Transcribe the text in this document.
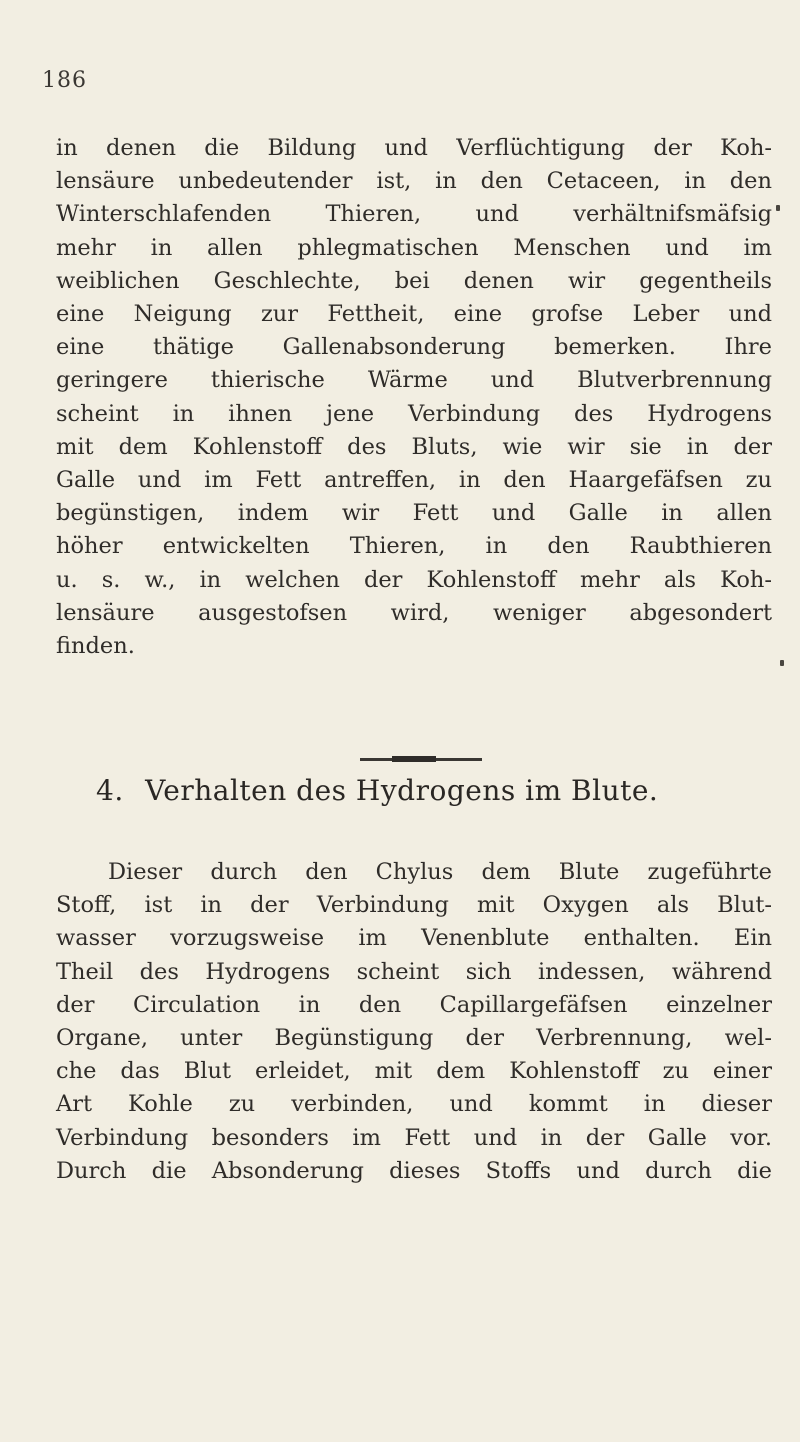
186
in denen die Bildung und Verflüchtigung der Koh-
lensäure unbedeutender ist, in den Cetaceen, in den
Winterschlafenden Thieren, und verhältnifsmäfsig
mehr in allen phlegmatischen Menschen und im
weiblichen Geschlechte, bei denen wir gegentheils
eine Neigung zur Fettheit, eine grofse Leber und
eine thätige Gallenabsonderung bemerken. Ihre
geringere thierische Wärme und Blutverbrennung
scheint in ihnen jene Verbindung des Hydrogens
mit dem Kohlenstoff des Bluts, wie wir sie in der
Galle und im Fett antreffen, in den Haargefäfsen zu
begünstigen, indem wir Fett und Galle in allen
höher entwickelten Thieren, in den Raubthieren
u. s. w., in welchen der Kohlenstoff mehr als Koh-
lensäure ausgestofsen wird, weniger abgesondert
finden.
4. Verhalten des Hydrogens im Blute.
Dieser durch den Chylus dem Blute zugeführte
Stoff, ist in der Verbindung mit Oxygen als Blut-
wasser vorzugsweise im Venenblute enthalten. Ein
Theil des Hydrogens scheint sich indessen, während
der Circulation in den Capillargefäfsen einzelner
Organe, unter Begünstigung der Verbrennung, wel-
che das Blut erleidet, mit dem Kohlenstoff zu einer
Art Kohle zu verbinden, und kommt in dieser
Verbindung besonders im Fett und in der Galle vor.
Durch die Absonderung dieses Stoffs und durch die
